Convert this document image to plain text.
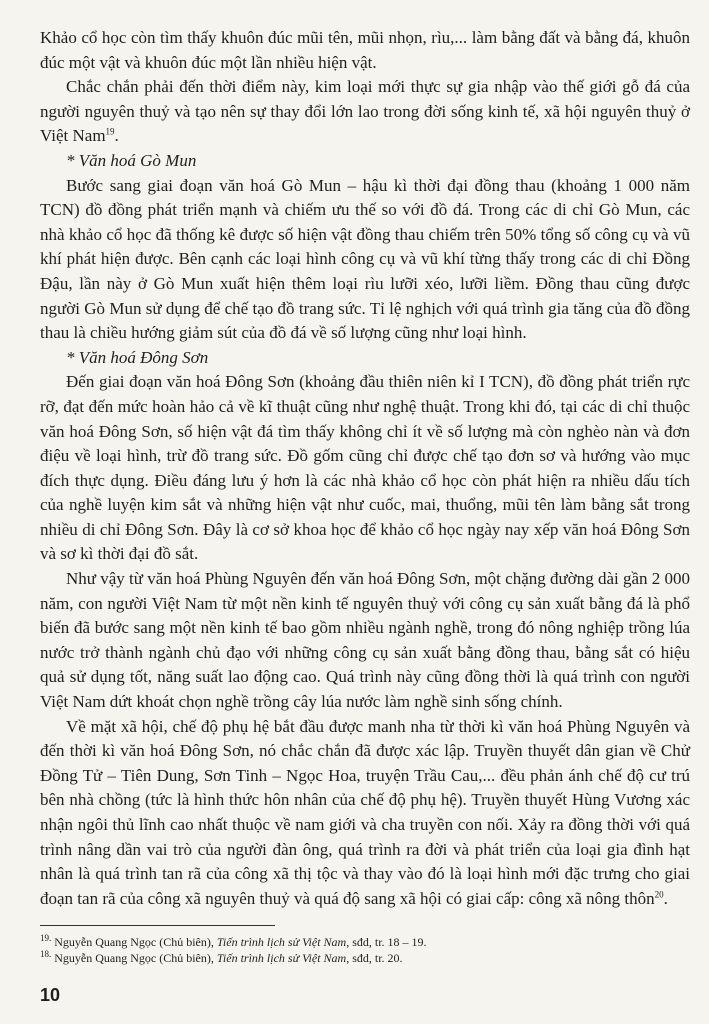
Khảo cổ học còn tìm thấy khuôn đúc mũi tên, mũi nhọn, rìu,... làm bằng đất và bằng đá, khuôn đúc một vật và khuôn đúc một lần nhiều hiện vật.

Chắc chắn phải đến thời điểm này, kim loại mới thực sự gia nhập vào thế giới gỗ đá của người nguyên thuỷ và tạo nên sự thay đổi lớn lao trong đời sống kinh tế, xã hội nguyên thuỷ ở Việt Nam$^{19}$.

* Văn hoá Gò Mun

Bước sang giai đoạn văn hoá Gò Mun – hậu kì thời đại đồng thau (khoảng 1 000 năm TCN) đồ đồng phát triển mạnh và chiếm ưu thế so với đồ đá. Trong các di chỉ Gò Mun, các nhà khảo cổ học đã thống kê được số hiện vật đồng thau chiếm trên 50% tổng số công cụ và vũ khí phát hiện được. Bên cạnh các loại hình công cụ và vũ khí từng thấy trong các di chỉ Đồng Đậu, lần này ở Gò Mun xuất hiện thêm loại rìu lưỡi xéo, lưỡi liềm. Đồng thau cũng được người Gò Mun sử dụng để chế tạo đồ trang sức. Tỉ lệ nghịch với quá trình gia tăng của đồ đồng thau là chiều hướng giảm sút của đồ đá về số lượng cũng như loại hình.

* Văn hoá Đông Sơn

Đến giai đoạn văn hoá Đông Sơn (khoảng đầu thiên niên kỉ I TCN), đồ đồng phát triển rực rỡ, đạt đến mức hoàn hảo cả về kĩ thuật cũng như nghệ thuật. Trong khi đó, tại các di chỉ thuộc văn hoá Đông Sơn, số hiện vật đá tìm thấy không chỉ ít về số lượng mà còn nghèo nàn và đơn điệu về loại hình, trừ đồ trang sức. Đồ gốm cũng chỉ được chế tạo đơn sơ và hướng vào mục đích thực dụng. Điều đáng lưu ý hơn là các nhà khảo cổ học còn phát hiện ra nhiều dấu tích của nghề luyện kim sắt và những hiện vật như cuốc, mai, thuổng, mũi tên làm bằng sắt trong nhiều di chỉ Đông Sơn. Đây là cơ sở khoa học để khảo cổ học ngày nay xếp văn hoá Đông Sơn và sơ kì thời đại đồ sắt.

Như vậy từ văn hoá Phùng Nguyên đến văn hoá Đông Sơn, một chặng đường dài gần 2 000 năm, con người Việt Nam từ một nền kinh tế nguyên thuỷ với công cụ sản xuất bằng đá là phổ biến đã bước sang một nền kinh tế bao gồm nhiều ngành nghề, trong đó nông nghiệp trồng lúa nước trở thành ngành chủ đạo với những công cụ sản xuất bằng đồng thau, bằng sắt có hiệu quả sử dụng tốt, năng suất lao động cao. Quá trình này cũng đồng thời là quá trình con người Việt Nam dứt khoát chọn nghề trồng cây lúa nước làm nghề sinh sống chính.

Về mặt xã hội, chế độ phụ hệ bắt đầu được manh nha từ thời kì văn hoá Phùng Nguyên và đến thời kì văn hoá Đông Sơn, nó chắc chắn đã được xác lập. Truyền thuyết dân gian về Chử Đồng Tử – Tiên Dung, Sơn Tinh – Ngọc Hoa, truyện Trầu Cau,... đều phản ánh chế độ cư trú bên nhà chồng (tức là hình thức hôn nhân của chế độ phụ hệ). Truyền thuyết Hùng Vương xác nhận ngôi thủ lĩnh cao nhất thuộc về nam giới và cha truyền con nối. Xảy ra đồng thời với quá trình nâng dần vai trò của người đàn ông, quá trình ra đời và phát triển của loại gia đình hạt nhân là quá trình tan rã của công xã thị tộc và thay vào đó là loại hình mới đặc trưng cho giai đoạn tan rã của công xã nguyên thuỷ và quá độ sang xã hội có giai cấp: công xã nông thôn$^{20}$.

$^{19.}$ Nguyễn Quang Ngọc (Chủ biên), Tiến trình lịch sử Việt Nam, sđd, tr. 18 – 19.
$^{18.}$ Nguyễn Quang Ngọc (Chủ biên), Tiến trình lịch sử Việt Nam, sđd, tr. 20.
10
